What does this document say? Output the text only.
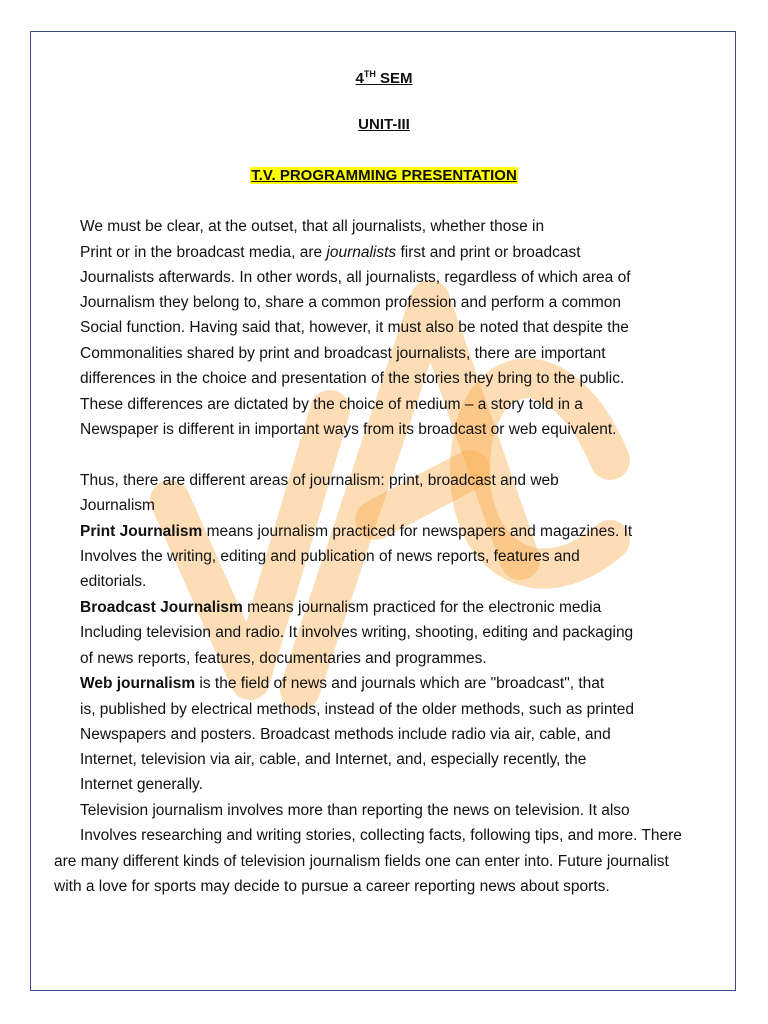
4TH SEM
UNIT-III
T.V. PROGRAMMING PRESENTATION
We must be clear, at the outset, that all journalists, whether those in
Print or in the broadcast media, are journalists first and print or broadcast
Journalists afterwards. In other words, all journalists, regardless of which area of
Journalism they belong to, share a common profession and perform a common
Social function. Having said that, however, it must also be noted that despite the
Commonalities shared by print and broadcast journalists, there are important
differences in the choice and presentation of the stories they bring to the public.
These differences are dictated by the choice of medium – a story told in a
Newspaper is different in important ways from its broadcast or web equivalent.
Thus, there are different areas of journalism: print, broadcast and web
Journalism
Print Journalism means journalism practiced for newspapers and magazines. It
Involves the writing, editing and publication of news reports, features and
editorials.
Broadcast Journalism means journalism practiced for the electronic media
Including television and radio. It involves writing, shooting, editing and packaging
of news reports, features, documentaries and programmes.
Web journalism is the field of news and journals which are "broadcast", that
is, published by electrical methods, instead of the older methods, such as printed
Newspapers and posters. Broadcast methods include radio via air, cable, and
Internet, television via air, cable, and Internet, and, especially recently, the
Internet generally.
Television journalism involves more than reporting the news on television. It also
Involves researching and writing stories, collecting facts, following tips, and more. There
are many different kinds of television journalism fields one can enter into. Future journalist
with a love for sports may decide to pursue a career reporting news about sports.
